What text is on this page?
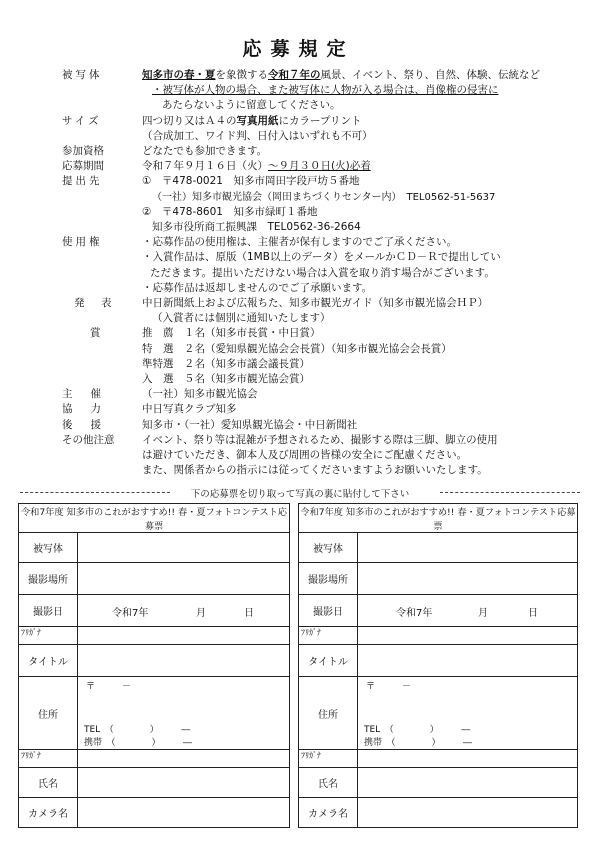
応募規定
被写体	知多市の春・夏を象徴する令和７年の風景、イベント、祭り、自然、体験、伝統など
・被写体が人物の場合、また被写体に人物が入る場合は、肖像権の侵害に
あたらないように留意してください。
サイズ	四つ切り又はＡ４の写真用紙にカラープリント
（合成加工、ワイド判、日付入はいずれも不可）
参加資格	どなたでも参加できます。
応募期間	令和７年９月１６日（火）～９月３０日(火)必着
提出先	①　〒478-0021　知多市岡田字段戸坊５番地
（一社）知多市観光協会（岡田まちづくりセンター内）　TEL0562-51-5637
②　〒478-8601　知多市緑町１番地
知多市役所商工振興課　TEL0562-36-2664
使用権	・応募作品の使用権は、主催者が保有しますのでご了承ください。
・入賞作品は、原版（1MB以上のデータ）をメールかＣＤ－Ｒで提出してい
ただきます。提出いただけない場合は入賞を取り消す場合がございます。
・応募作品は返却しませんのでご了承願います。
発　表	中日新聞紙上および広報ちた、知多市観光ガイド（知多市観光協会ＨＰ）
（入賞者には個別に通知いたします）
賞	推　薦　１名（知多市長賞・中日賞）
特　選　２名（愛知県観光協会会長賞）（知多市観光協会会長賞）
準特選　２名（知多市議会議長賞）
入　選　５名（知多市観光協会賞）
主催	（一社）知多市観光協会
協力	中日写真クラブ知多
後援	知多市・（一社）愛知県観光協会・中日新聞社
その他注意	イベント、祭り等は混雑が予想されるため、撮影する際は三脚、脚立の使用
は避けていただき、御本人及び周囲の皆様の安全にご配慮ください。
また、関係者からの指示には従ってくださいますようお願いいたします。
下の応募票を切り取って写真の裏に貼付して下さい
令和7年度 知多市のこれがおすすめ!! 春・夏フォトコンテスト応募票	
被写体	
撮影場所	
撮影日	令和7年 月 日

ﾌﾘｶﾞﾅ	

タイトル	
住所	〒　　　－
TEL　（　　　　）　　　―
携帯　（　　　　）　　　―

ﾌﾘｶﾞﾅ	

氏名	
カメラ名	
令和7年度 知多市のこれがおすすめ!! 春・夏フォトコンテスト応募票	
被写体	
撮影場所	
撮影日	令和7年 月 日

ﾌﾘｶﾞﾅ	

タイトル	
住所	〒　　　－
TEL　（　　　　）　　　―
携帯　（　　　　）　　　―

ﾌﾘｶﾞﾅ	

氏名	
カメラ名	
